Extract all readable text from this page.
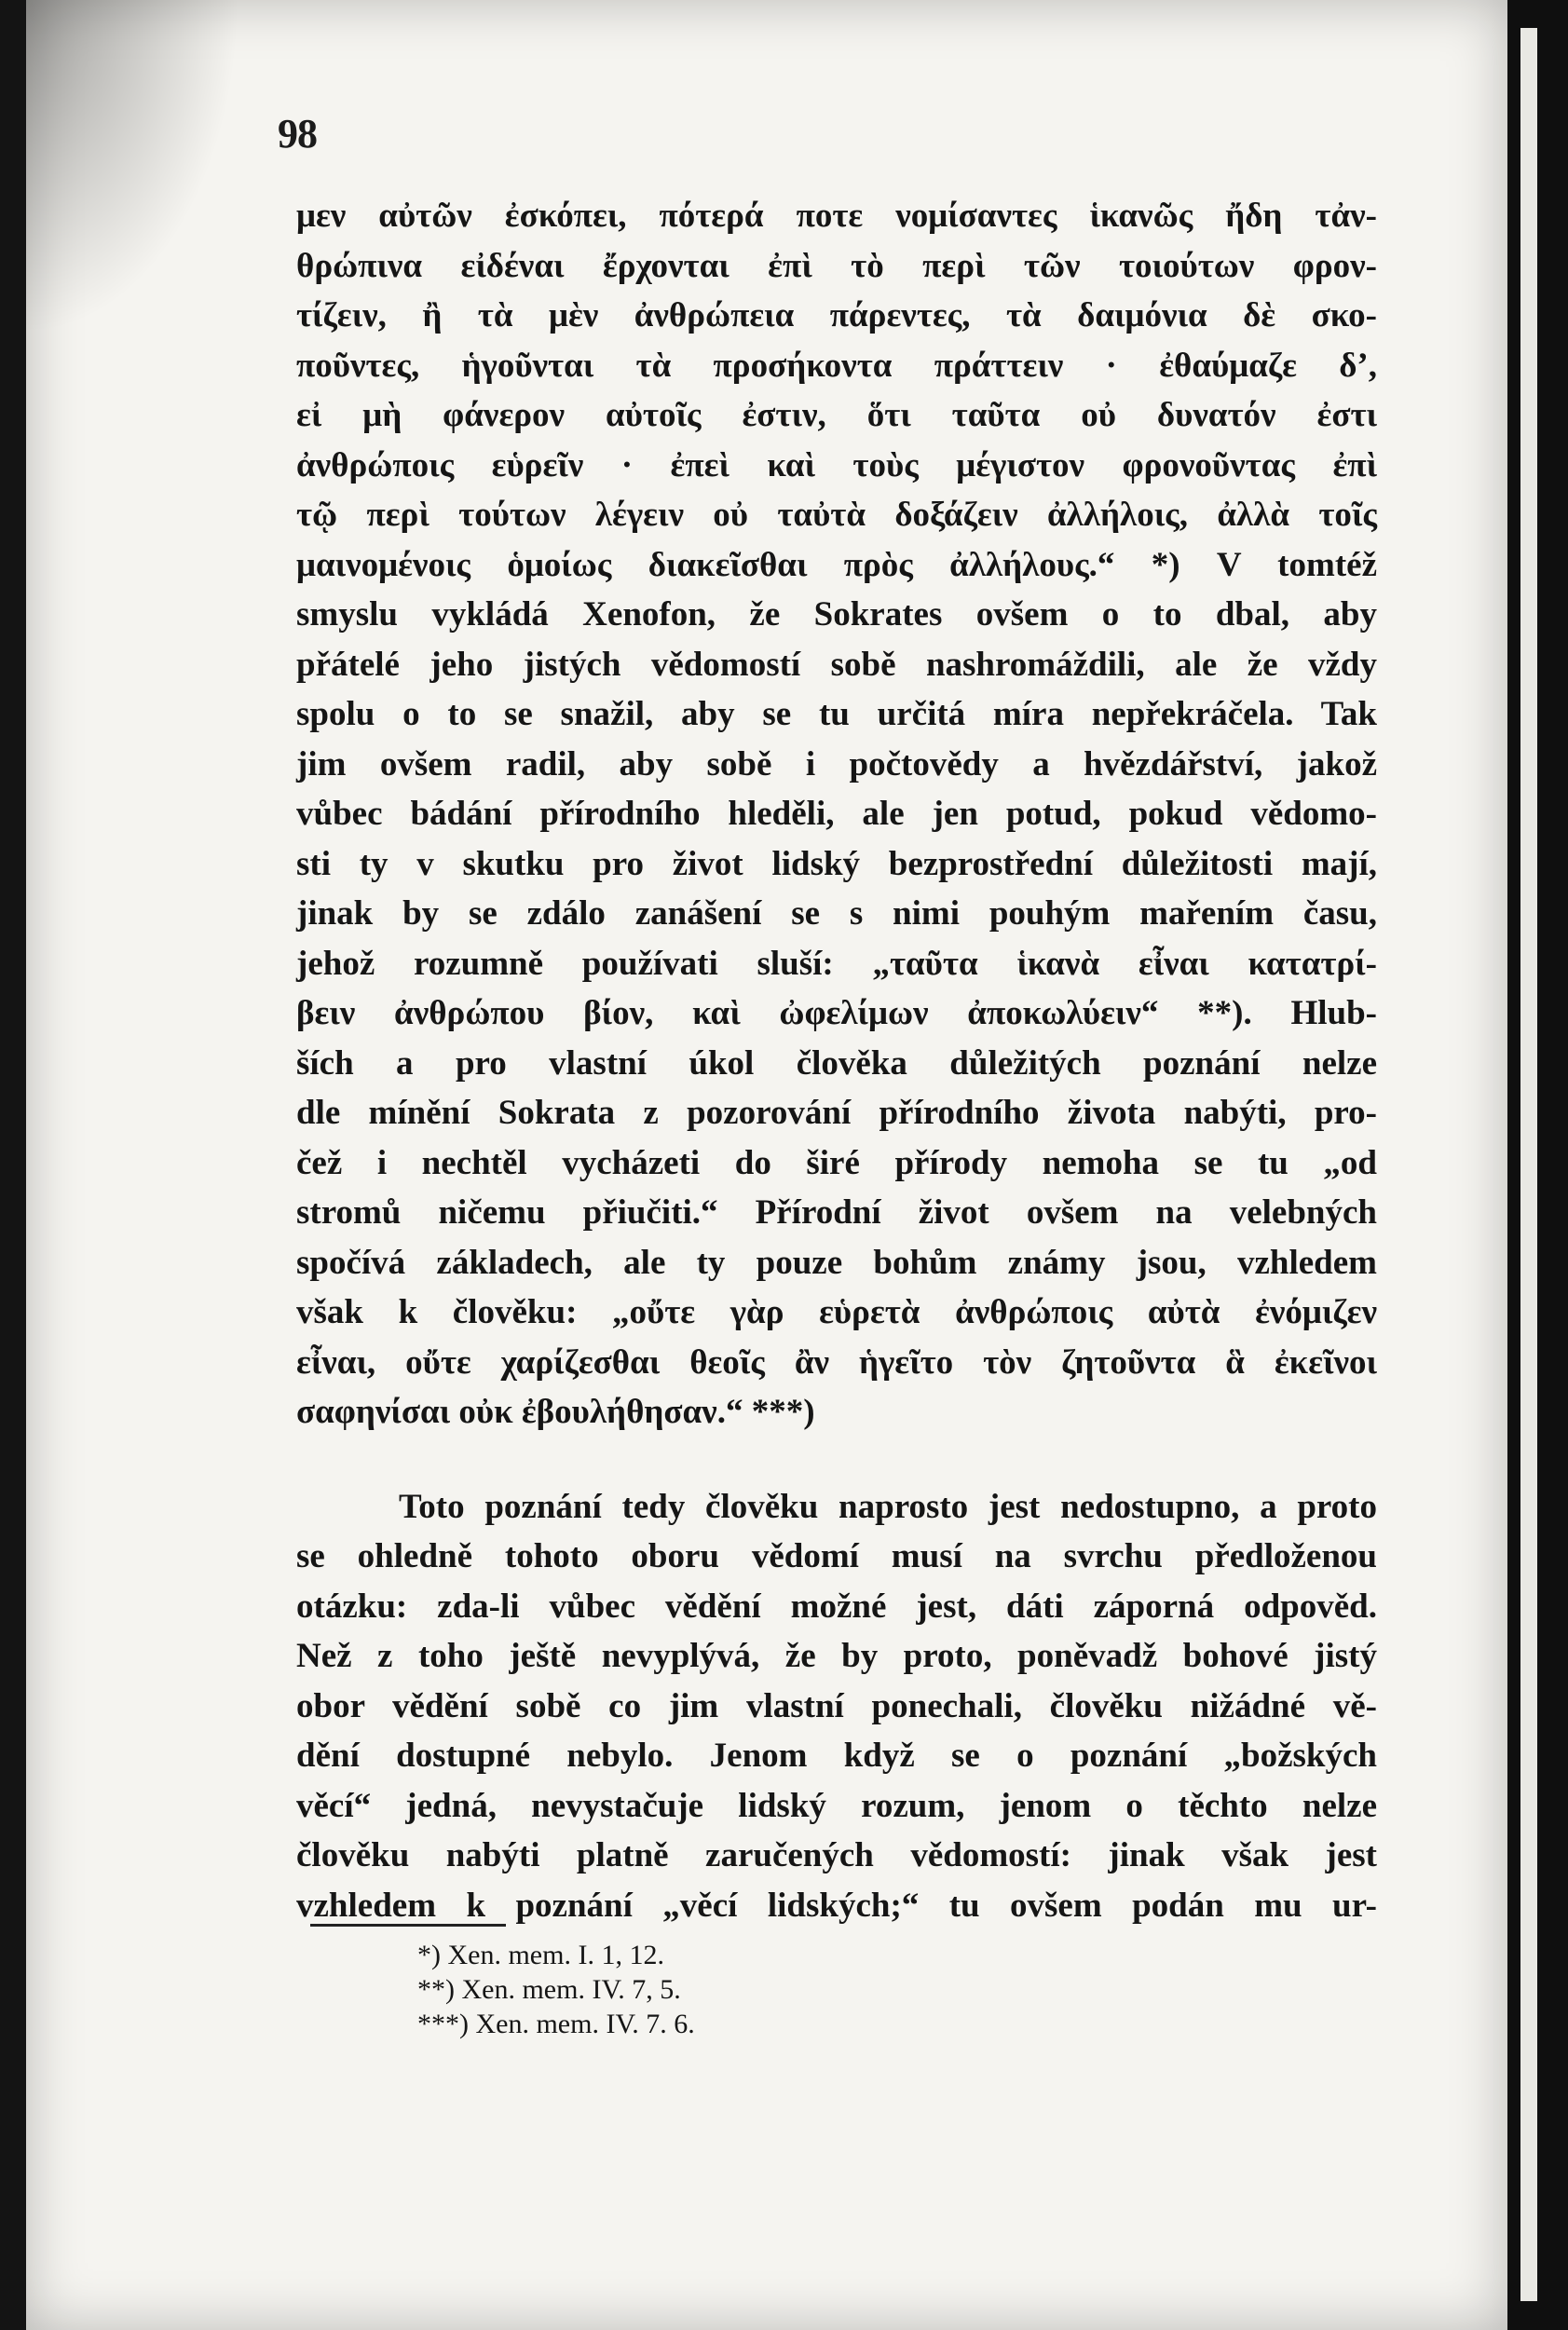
98
μεν αὐτῶν ἐσκόπει, πότερά ποτε νομίσαντες ἱκανῶς ἤδη τἀν-
θρώπινα εἰδέναι ἔρχονται ἐπὶ τὸ περὶ τῶν τοιούτων φρον-
τίζειν, ἢ τὰ μὲν ἀνθρώπεια πάρεντες, τὰ δαιμόνια δὲ σκο-
ποῦντες, ἡγοῦνται τὰ προσήκοντα πράττειν · ἐθαύμαζε δ’,
εἰ μὴ φάνερον αὐτοῖς ἐστιν, ὅτι ταῦτα οὐ δυνατόν ἐστι
ἀνθρώποις εὑρεῖν · ἐπεὶ καὶ τοὺς μέγιστον φρονοῦντας ἐπὶ
τῷ περὶ τούτων λέγειν οὐ ταὐτὰ δοξάζειν ἀλλήλοις, ἀλλὰ τοῖς
μαινομένοις ὁμοίως διακεῖσθαι πρὸς ἀλλήλους.“ *) V tomtéž
smyslu vykládá Xenofon, že Sokrates ovšem o to dbal, aby
přátelé jeho jistých vědomostí sobě nashromáždili, ale že vždy
spolu o to se snažil, aby se tu určitá míra nepřekráčela. Tak
jim ovšem radil, aby sobě i počtovědy a hvězdářství, jakož
vůbec bádání přírodního hleděli, ale jen potud, pokud vědomo-
sti ty v skutku pro život lidský bezprostřední důležitosti mají,
jinak by se zdálo zanášení se s nimi pouhým mařením času,
jehož rozumně používati sluší: „ταῦτα ἱκανὰ εἶναι κατατρί-
βειν ἀνθρώπου βίον, καὶ ὠφελίμων ἀποκωλύειν“ **). Hlub-
ších a pro vlastní úkol člověka důležitých poznání nelze
dle mínění Sokrata z pozorování přírodního života nabýti, pro-
čež i nechtěl vycházeti do širé přírody nemoha se tu „od
stromů ničemu přiučiti.“ Přírodní život ovšem na velebných
spočívá základech, ale ty pouze bohům známy jsou, vzhledem
však k člověku: „οὔτε γὰρ εὑρετὰ ἀνθρώποις αὐτὰ ἐνόμιζεν
εἶναι, οὔτε χαρίζεσθαι θεοῖς ἂν ἡγεῖτο τὸν ζητοῦντα ἃ ἐκεῖνοι
σαφηνίσαι οὐκ ἐβουλήθησαν.“ ***)
Toto poznání tedy člověku naprosto jest nedostupno, a proto
se ohledně tohoto oboru vědomí musí na svrchu předloženou
otázku: zda-li vůbec vědění možné jest, dáti záporná odpověd.
Než z toho ještě nevyplývá, že by proto, poněvadž bohové jistý
obor vědění sobě co jim vlastní ponechali, člověku nižádné vě-
dění dostupné nebylo. Jenom když se o poznání „božských
věcí“ jedná, nevystačuje lidský rozum, jenom o těchto nelze
člověku nabýti platně zaručených vědomostí: jinak však jest
vzhledem k poznání „věcí lidských;“ tu ovšem podán mu ur-
*) Xen. mem. I. 1, 12.
**) Xen. mem. IV. 7, 5.
***) Xen. mem. IV. 7. 6.
